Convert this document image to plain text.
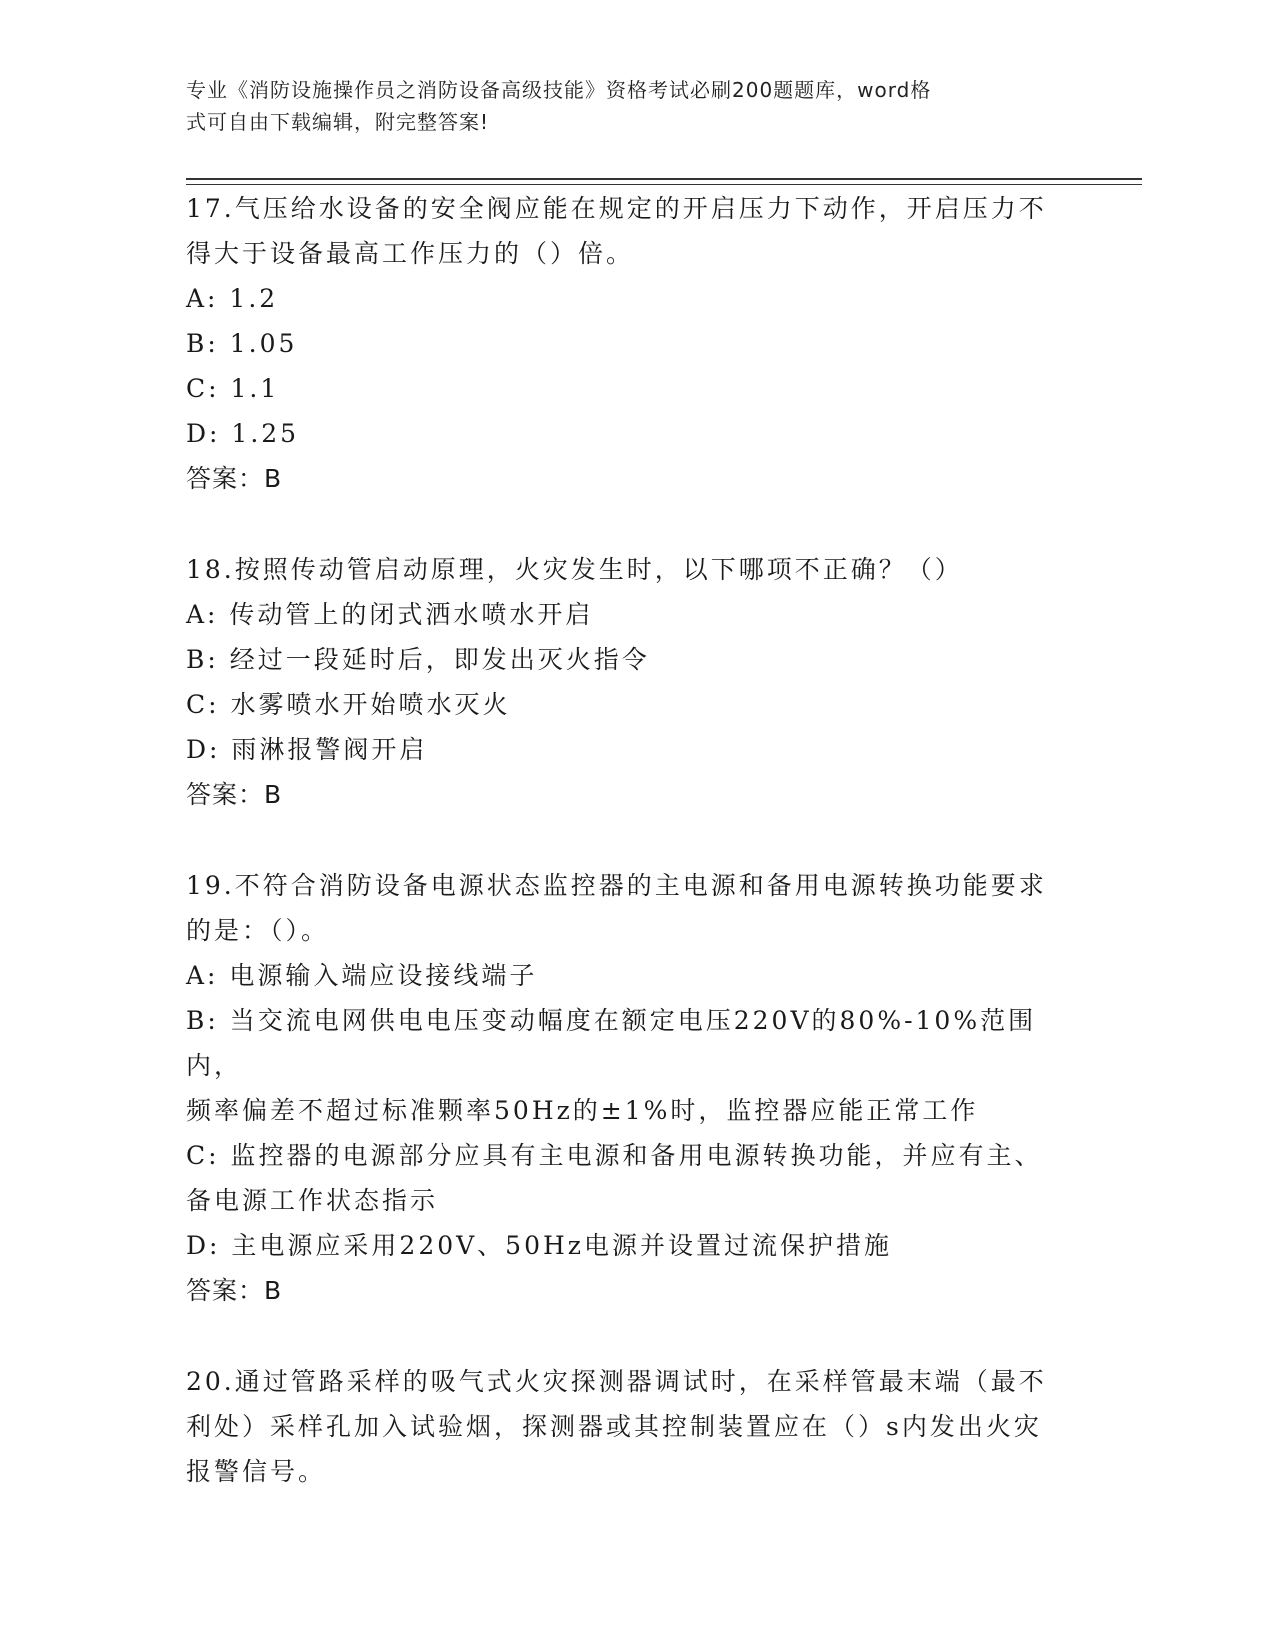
专业《消防设施操作员之消防设备高级技能》资格考试必刷200题题库，word格
式可自由下载编辑，附完整答案!

17.气压给水设备的安全阀应能在规定的开启压力下动作，开启压力不

得大于设备最高工作压力的（）倍。

A: 1.2

B: 1.05

C: 1.1

D: 1.25

答案：B

18.按照传动管启动原理，火灾发生时，以下哪项不正确？（）

A: 传动管上的闭式洒水喷水开启

B: 经过一段延时后，即发出灭火指令

C: 水雾喷水开始喷水灭火

D: 雨淋报警阀开启

答案：B

19.不符合消防设备电源状态监控器的主电源和备用电源转换功能要求

的是：（）。

A: 电源输入端应设接线端子

B: 当交流电网供电电压变动幅度在额定电压220V的80%-10%范围内，

频率偏差不超过标准颗率50Hz的±1%时，监控器应能正常工作

C: 监控器的电源部分应具有主电源和备用电源转换功能，并应有主、

备电源工作状态指示

D: 主电源应采用220V、50Hz电源并设置过流保护措施

答案：B

20.通过管路采样的吸气式火灾探测器调试时，在采样管最末端（最不

利处）采样孔加入试验烟，探测器或其控制装置应在（）s内发出火灾

报警信号。
